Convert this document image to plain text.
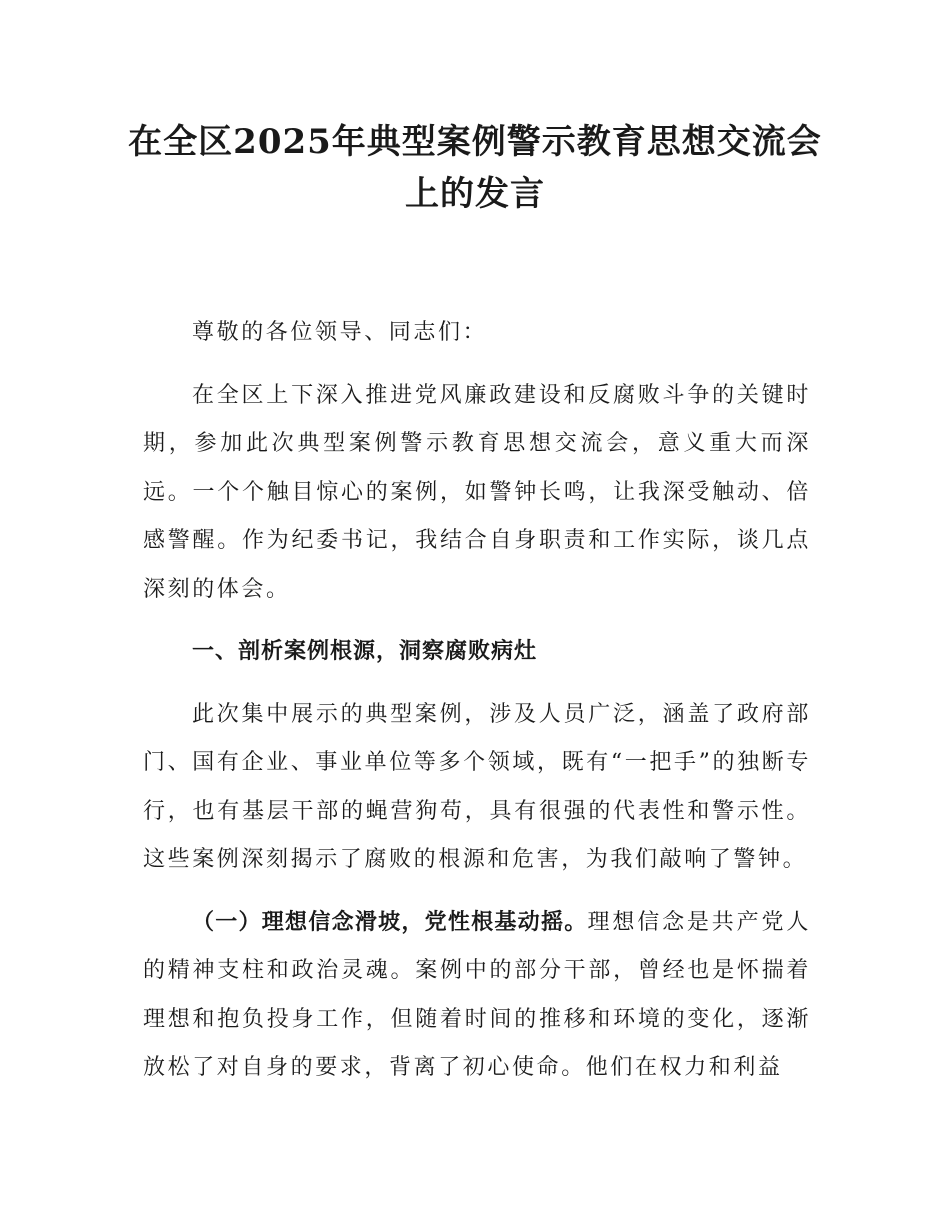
在全区2025年典型案例警示教育思想交流会上的发言

尊敬的各位领导、同志们：

在全区上下深入推进党风廉政建设和反腐败斗争的关键时期，参加此次典型案例警示教育思想交流会，意义重大而深远。一个个触目惊心的案例，如警钟长鸣，让我深受触动、倍感警醒。作为纪委书记，我结合自身职责和工作实际，谈几点深刻的体会。

一、剖析案例根源，洞察腐败病灶

此次集中展示的典型案例，涉及人员广泛，涵盖了政府部门、国有企业、事业单位等多个领域，既有“一把手”的独断专行，也有基层干部的蝇营狗苟，具有很强的代表性和警示性。这些案例深刻揭示了腐败的根源和危害，为我们敲响了警钟。

（一）理想信念滑坡，党性根基动摇。理想信念是共产党人的精神支柱和政治灵魂。案例中的部分干部，曾经也是怀揣着理想和抱负投身工作，但随着时间的推移和环境的变化，逐渐放松了对自身的要求，背离了初心使命。他们在权力和利益
